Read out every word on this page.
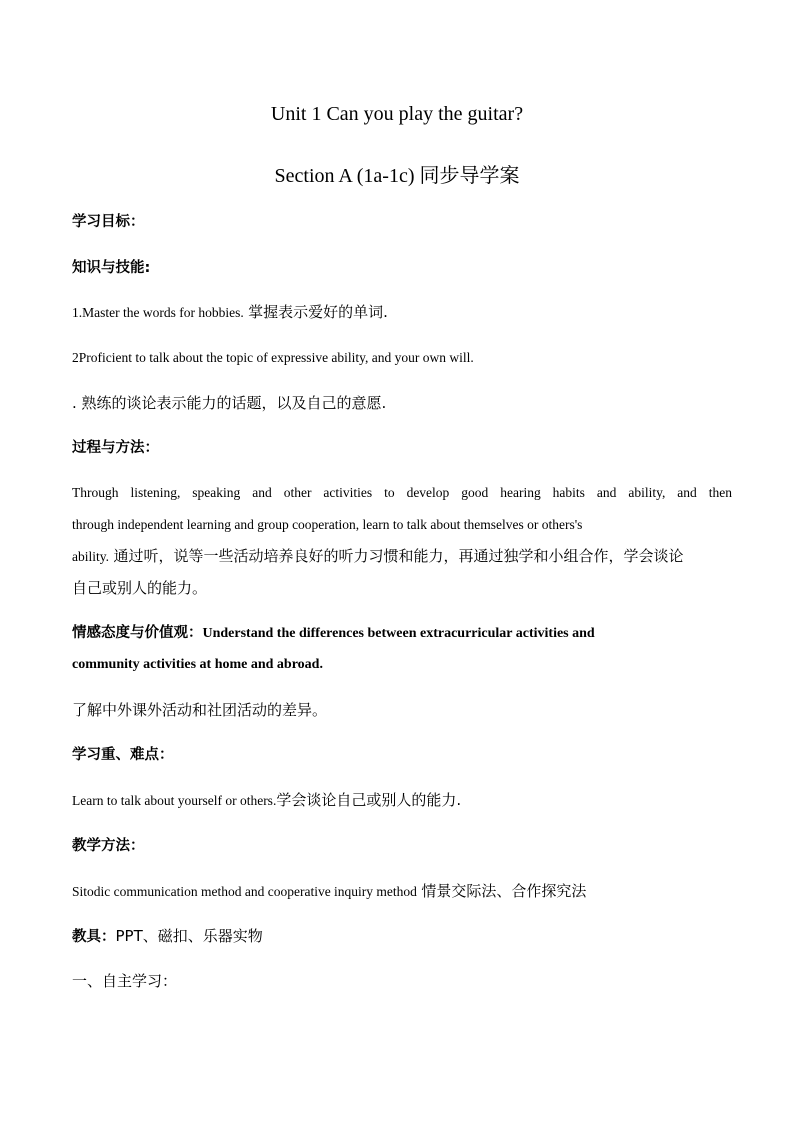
Unit 1 Can you play the guitar?
Section A (1a-1c) 同步导学案
学习目标：
知识与技能:
1.Master the words for hobbies. 掌握表示爱好的单词.
2Proficient to talk about the topic of expressive ability, and your own will.
. 熟练的谈论表示能力的话题，以及自己的意愿.
过程与方法：
Through listening, speaking and other activities to develop good hearing habits and ability, and then
through independent learning and group cooperation, learn to talk about themselves or others's
ability. 通过听，说等一些活动培养良好的听力习惯和能力，再通过独学和小组合作，学会谈论
自己或别人的能力。
情感态度与价值观：Understand the differences between extracurricular activities and
community activities at home and abroad.
了解中外课外活动和社团活动的差异。
学习重、难点：
Learn to talk about yourself or others.学会谈论自己或别人的能力.
教学方法：
Sitodic communication method and cooperative inquiry method 情景交际法、合作探究法
教具：PPT、磁扣、乐器实物
一、自主学习：
